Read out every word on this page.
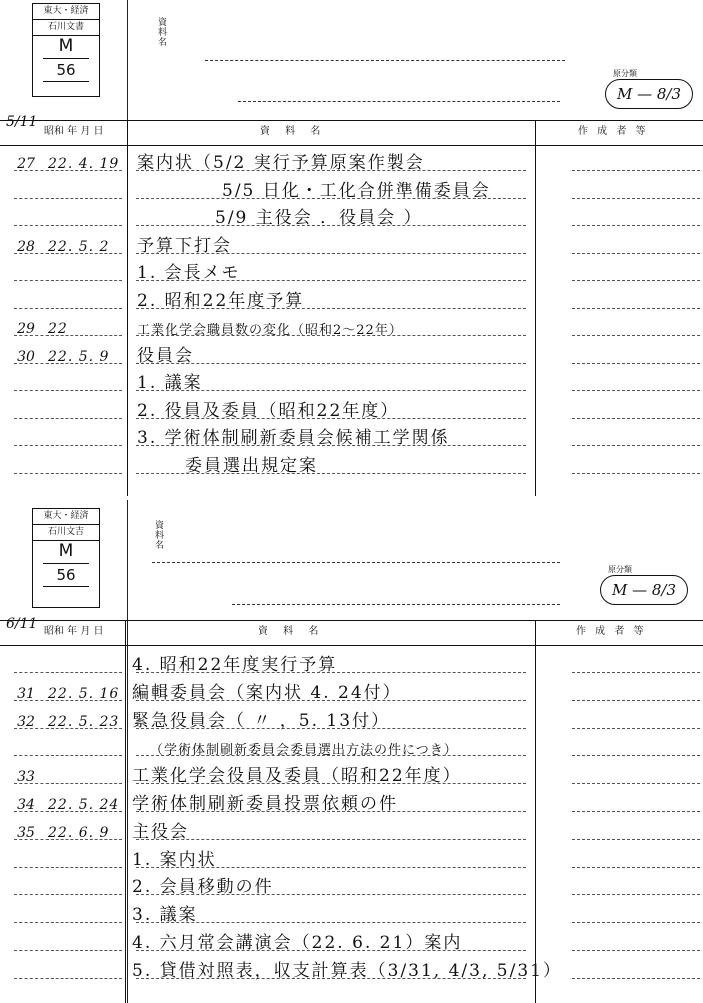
東大・経済
石川文書
M
56
資料名
原分類
M — 8/3
5/11
昭和 年 月 日	資 料 名	作 成 者 等
27 22. 4. 19 案内状（5/2 実行予算原案作製会
5/5 日化・工化合併準備委員会
5/9 主役会 ．役員会 ）
28 22. 5. 2	予算下打会
1. 会長メモ
2. 昭和22年度予算
29 22	工業化学会職員数の変化（昭和2〜22年）
30 22. 5. 9	役員会
1. 議案
2. 役員及委員（昭和22年度）
3. 学術体制刷新委員会候補工学関係
委員選出規定案
東大・経済
石川文吉
M
56
資料名
原分類
M — 8/3
6/11 昭和 年 月 日	資 料 名	作 成 者 等
4. 昭和22年度実行予算
31 22. 5. 16 編輯委員会（案内状 4. 24付）
32 22. 5. 23 緊急役員会（ 〃 ，5. 13付）
（学術体制刷新委員会委員選出方法の件につき）
33	工業化学会役員及委員（昭和22年度）
34 22. 5. 24 学術体制刷新委員投票依頼の件
35 22. 6. 9	主役会
1. 案内状
2. 会員移動の件
3. 議案
4. 六月常会講演会（22. 6. 21）案内
5. 貸借対照表，収支計算表（3/31, 4/3, 5/31）
